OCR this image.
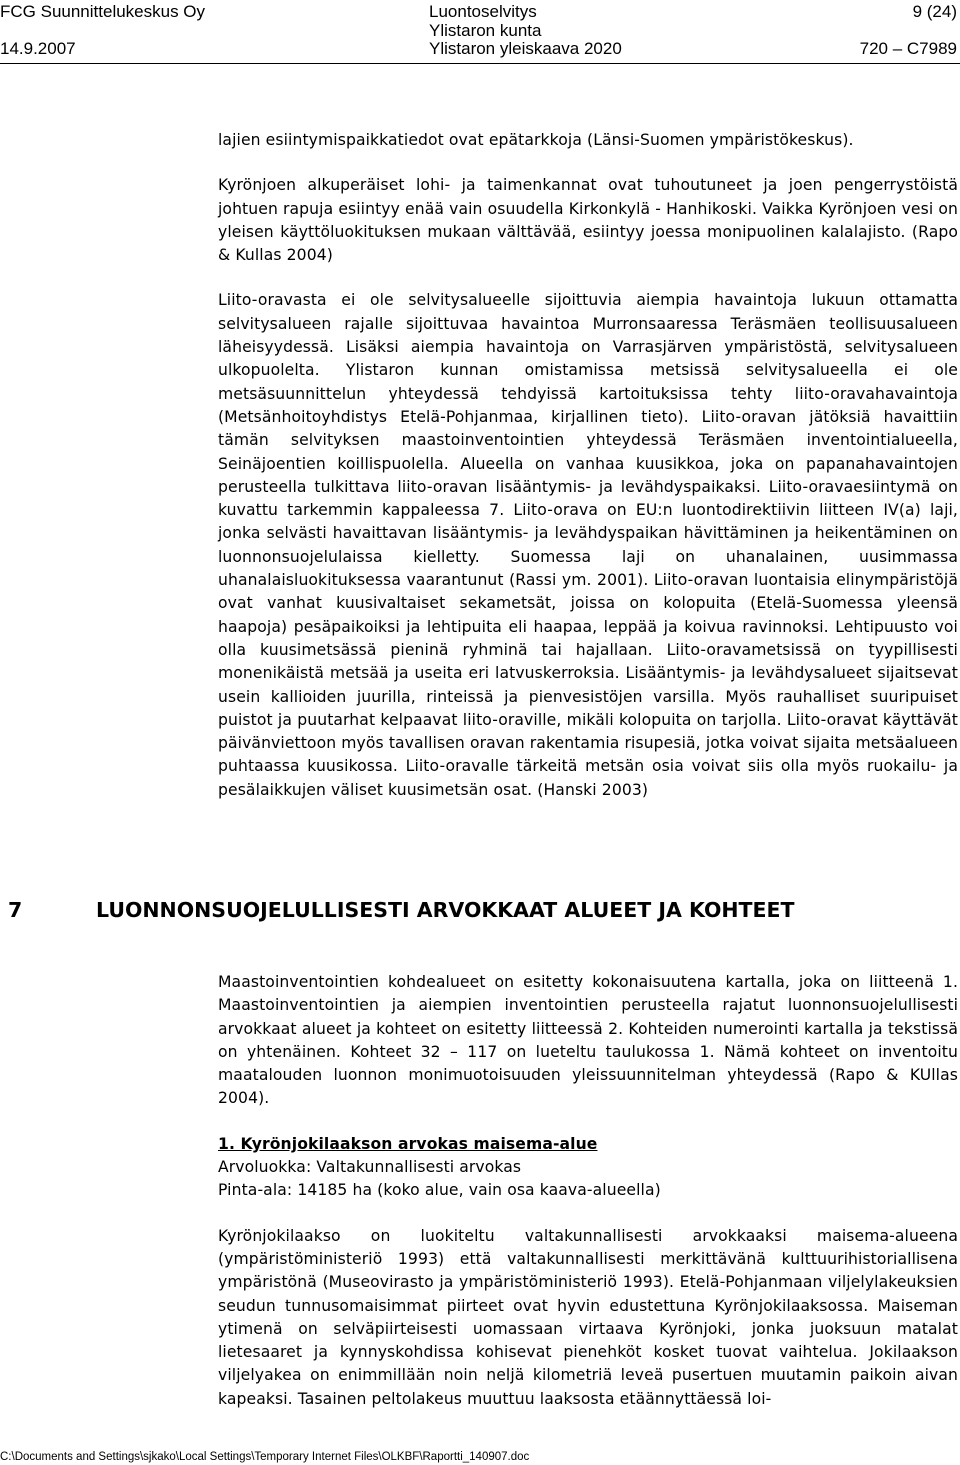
FCG Suunnittelukeskus Oy
14.9.2007
Luontoselvitys
Ylistaron kunta
Ylistaron yleiskaava 2020
9 (24)
720 – C7989

lajien esiintymispaikkatiedot ovat epätarkkoja (Länsi-Suomen ympäristökeskus).

Kyrönjoen alkuperäiset lohi- ja taimenkannat ovat tuhoutuneet ja joen pengerrystöistä johtuen rapuja esiintyy enää vain osuudella Kirkonkylä - Hanhikoski. Vaikka Kyrönjoen vesi on yleisen käyttöluokituksen mukaan välttävää, esiintyy joessa monipuolinen kalalajisto. (Rapo & Kullas 2004)

Liito-oravasta ei ole selvitysalueelle sijoittuvia aiempia havaintoja lukuun ottamatta selvitysalueen rajalle sijoittuvaa havaintoa Murronsaaressa Teräsmäen teollisuusalueen läheisyydessä. Lisäksi aiempia havaintoja on Varrasjärven ympäristöstä, selvitysalueen ulkopuolelta. Ylistaron kunnan omistamissa metsissä selvitysalueella ei ole metsäsuunnittelun yhteydessä tehdyissä kartoituksissa tehty liito-oravahavaintoja (Metsänhoitoyhdistys Etelä-Pohjanmaa, kirjallinen tieto). Liito-oravan jätöksiä havaittiin tämän selvityksen maastoinventointien yhteydessä Teräsmäen inventointialueella, Seinäjoentien koillispuolella. Alueella on vanhaa kuusikkoa, joka on papanahavaintojen perusteella tulkittava liito-oravan lisääntymis- ja levähdyspaikaksi. Liito-oravaesiintymä on kuvattu tarkemmin kappaleessa 7. Liito-orava on EU:n luontodirektiivin liitteen IV(a) laji, jonka selvästi havaittavan lisääntymis- ja levähdyspaikan hävittäminen ja heikentäminen on luonnonsuojelulaissa kielletty. Suomessa laji on uhanalainen, uusimmassa uhanalaisluokituksessa vaarantunut (Rassi ym. 2001). Liito-oravan luontaisia elinympäristöjä ovat vanhat kuusivaltaiset sekametsät, joissa on kolopuita (Etelä-Suomessa yleensä haapoja) pesäpaikoiksi ja lehtipuita eli haapaa, leppää ja koivua ravinnoksi. Lehtipuusto voi olla kuusimetsässä pieninä ryhminä tai hajallaan. Liito-oravametsissä on tyypillisesti monenikäistä metsää ja useita eri latvuskerroksia. Lisääntymis- ja levähdysalueet sijaitsevat usein kallioiden juurilla, rinteissä ja pienvesistöjen varsilla. Myös rauhalliset suuripuiset puistot ja puutarhat kelpaavat liito-oraville, mikäli kolopuita on tarjolla. Liito-oravat käyttävät päivänviettoon myös tavallisen oravan rakentamia risupesiä, jotka voivat sijaita metsäalueen puhtaassa kuusikossa. Liito-oravalle tärkeitä metsän osia voivat siis olla myös ruokailu- ja pesälaikkujen väliset kuusimetsän osat. (Hanski 2003)

7	LUONNONSUOJELULLISESTI ARVOKKAAT ALUEET JA KOHTEET

Maastoinventointien kohdealueet on esitetty kokonaisuutena kartalla, joka on liitteenä 1. Maastoinventointien ja aiempien inventointien perusteella rajatut luonnonsuojelullisesti arvokkaat alueet ja kohteet on esitetty liitteessä 2. Kohteiden numerointi kartalla ja tekstissä on yhtenäinen. Kohteet 32 – 117 on lueteltu taulukossa 1. Nämä kohteet on inventoitu maatalouden luonnon monimuotoisuuden yleissuunnitelman yhteydessä (Rapo & KUllas 2004).

1. Kyrönjokilaakson arvokas maisema-alue

Arvoluokka: Valtakunnallisesti arvokas

Pinta-ala: 14185 ha (koko alue, vain osa kaava-alueella)

Kyrönjokilaakso on luokiteltu valtakunnallisesti arvokkaaksi maisema-alueena (ympäristöministeriö 1993) että valtakunnallisesti merkittävänä kulttuurihistoriallisena ympäristönä (Museovirasto ja ympäristöministeriö 1993). Etelä-Pohjanmaan viljelylakeuksien seudun tunnusomaisimmat piirteet ovat hyvin edustettuna Kyrönjokilaaksossa. Maiseman ytimenä on selväpiirteisesti uomassaan virtaava Kyrönjoki, jonka juoksuun matalat lietesaaret ja kynnyskohdissa kohisevat pienehköt kosket tuovat vaihtelua. Jokilaakson viljelyakea on enimmillään noin neljä kilometriä leveä pusertuen muutamin paikoin aivan kapeaksi. Tasainen peltolakeus muuttuu laaksosta etäännyttäessä loi-

C:\Documents and Settings\sjkako\Local Settings\Temporary Internet Files\OLKBF\Raportti_140907.doc
